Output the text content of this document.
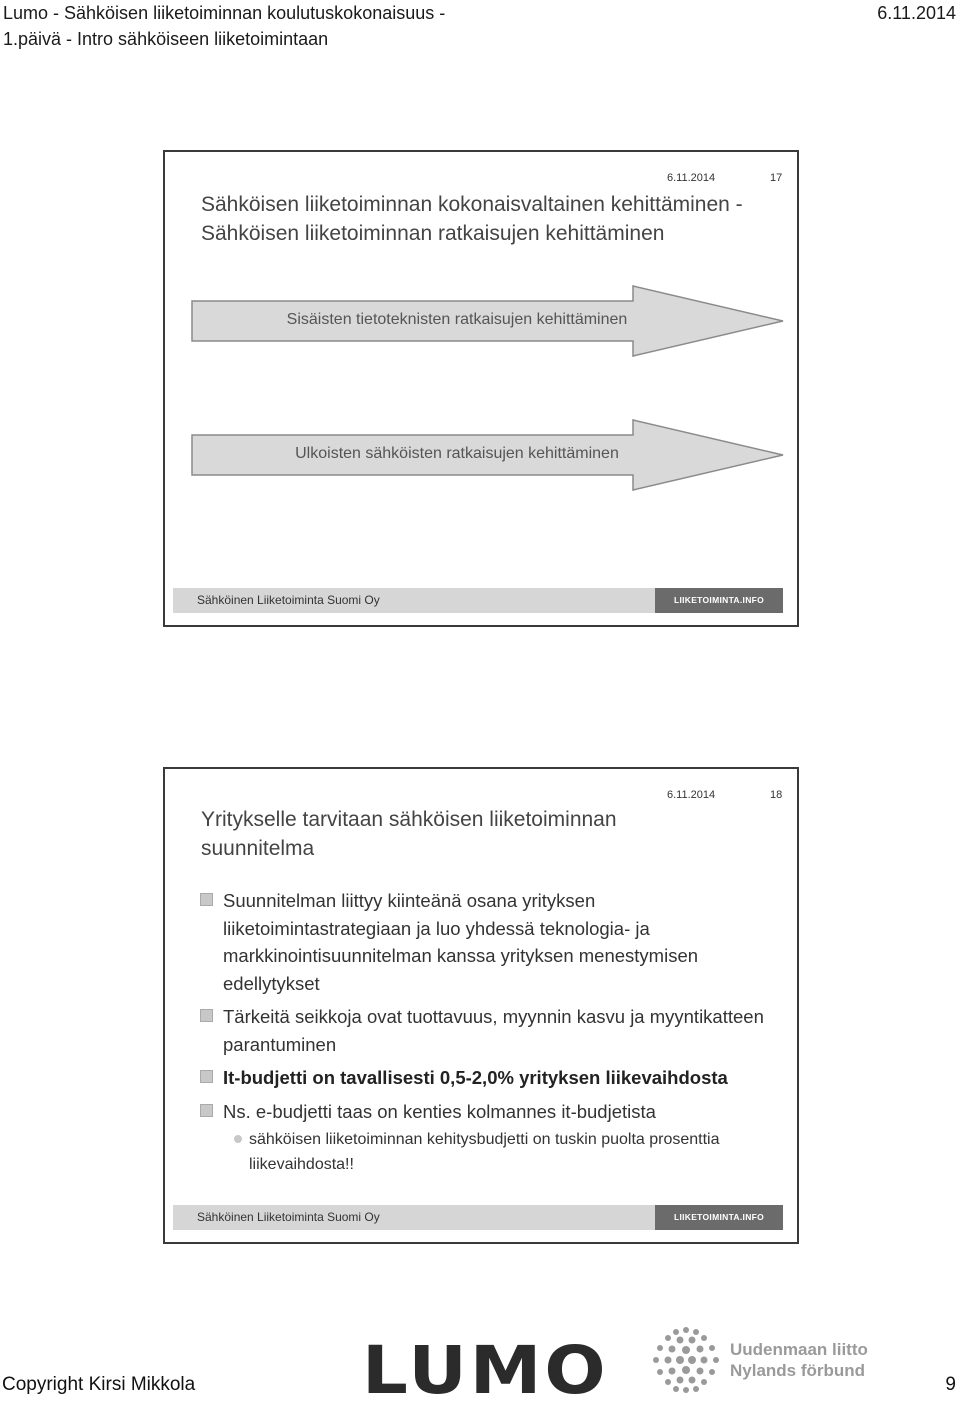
Lumo - Sähköisen liiketoiminnan koulutuskokonaisuus -
1.päivä - Intro sähköiseen liiketoimintaan
6.11.2014
6.11.2014	17
Sähköisen liiketoiminnan kokonaisvaltainen kehittäminen - Sähköisen liiketoiminnan ratkaisujen kehittäminen
Sisäisten tietoteknisten ratkaisujen kehittäminen
Ulkoisten sähköisten ratkaisujen kehittäminen
Sähköinen Liiketoiminta Suomi Oy	LIIKETOIMINTA.INFO
6.11.2014	18
Yritykselle tarvitaan sähköisen liiketoiminnan suunnitelma
Suunnitelman liittyy kiinteänä osana yrityksen liiketoimintastrategiaan ja luo yhdessä teknologia- ja markkinointisuunnitelman kanssa yrityksen menestymisen edellytykset
Tärkeitä seikkoja ovat tuottavuus, myynnin kasvu ja myyntikatteen parantuminen
It-budjetti on tavallisesti 0,5-2,0% yrityksen liikevaihdosta
Ns. e-budjetti taas on kenties kolmannes it-budjetista
sähköisen liiketoiminnan kehitysbudjetti on tuskin puolta prosenttia liikevaihdosta!!
Sähköinen Liiketoiminta Suomi Oy	LIIKETOIMINTA.INFO
LUMO	Uudenmaan liitto
Nylands förbund
Copyright Kirsi Mikkola	9
